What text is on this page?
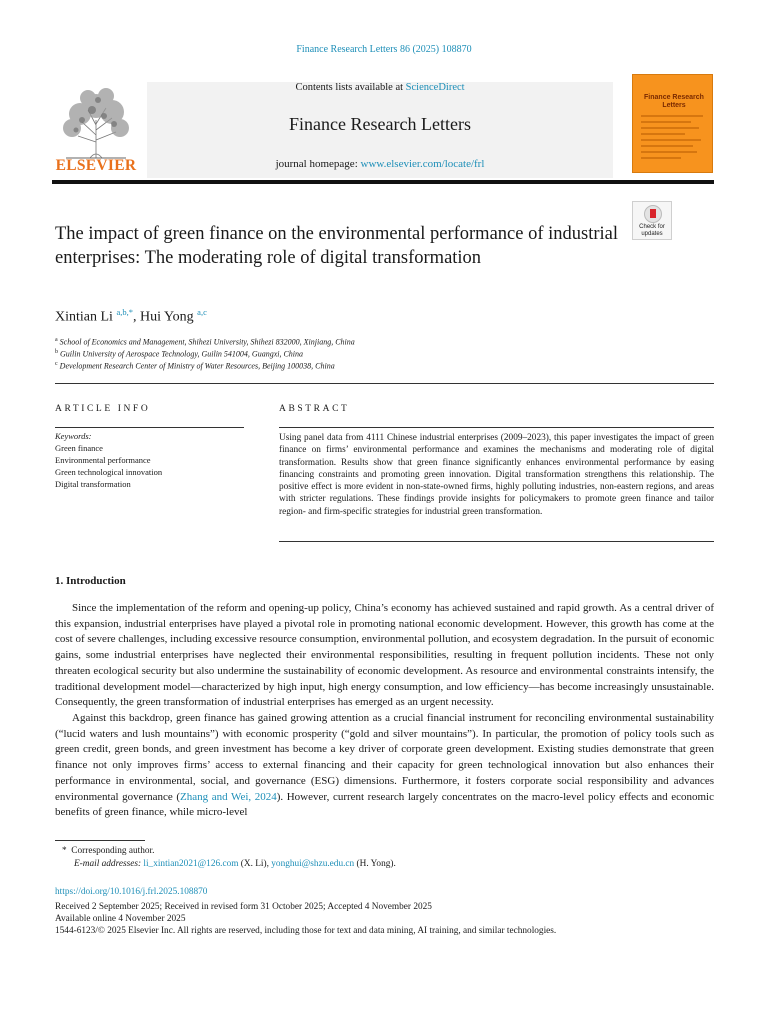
Finance Research Letters 86 (2025) 108870
ELSEVIER
Contents lists available at ScienceDirect
Finance Research Letters
journal homepage: www.elsevier.com/locate/frl
Finance Research Letters
The impact of green finance on the environmental performance of industrial enterprises: The moderating role of digital transformation
Check for updates
Xintian Li $^{a,b,*}$, Hui Yong $^{a,c}$
$^a$ School of Economics and Management, Shihezi University, Shihezi 832000, Xinjiang, China
$^b$ Guilin University of Aerospace Technology, Guilin 541004, Guangxi, China
$^c$ Development Research Center of Ministry of Water Resources, Beijing 100038, China
ARTICLE INFO
Keywords:
Green finance
Environmental performance
Green technological innovation
Digital transformation
ABSTRACT
Using panel data from 4111 Chinese industrial enterprises (2009–2023), this paper investigates the impact of green finance on firms’ environmental performance and examines the mechanisms and moderating role of digital transformation. Results show that green finance significantly enhances environmental performance by easing financing constraints and promoting green innovation. Digital transformation strengthens this relationship. The positive effect is more evident in non-state-owned firms, highly polluting industries, non-eastern regions, and areas with stricter regulations. These findings provide insights for policymakers to promote green finance and tailor region- and firm-specific strategies for industrial green transformation.
1. Introduction
Since the implementation of the reform and opening-up policy, China’s economy has achieved sustained and rapid growth. As a central driver of this expansion, industrial enterprises have played a pivotal role in promoting national economic development. However, this growth has come at the cost of severe challenges, including excessive resource consumption, environmental pollution, and ecosystem degradation. In the pursuit of economic gains, some industrial enterprises have neglected their environmental responsibilities, resulting in frequent pollution incidents. These not only threaten ecological security but also undermine the sustainability of economic development. As resource and environmental constraints intensify, the traditional development model—characterized by high input, high energy consumption, and low efficiency—has become increasingly unsustainable. Consequently, the green transformation of industrial enterprises has emerged as an urgent necessity.
Against this backdrop, green finance has gained growing attention as a crucial financial instrument for reconciling environmental sustainability (“lucid waters and lush mountains”) with economic prosperity (“gold and silver mountains”). In particular, the promotion of policy tools such as green credit, green bonds, and green investment has become a key driver of corporate green development. Existing studies demonstrate that green finance not only improves firms’ access to external financing and their capacity for green technological innovation but also enhances their performance in environmental, social, and governance (ESG) dimensions. Furthermore, it fosters corporate social responsibility and advances environmental governance (Zhang and Wei, 2024). However, current research largely concentrates on the macro-level policy effects and economic benefits of green finance, while micro-level
*  Corresponding author.
E-mail addresses: li_xintian2021@126.com (X. Li), yonghui@shzu.edu.cn (H. Yong).
https://doi.org/10.1016/j.frl.2025.108870
Received 2 September 2025; Received in revised form 31 October 2025; Accepted 4 November 2025
Available online 4 November 2025
1544-6123/© 2025 Elsevier Inc. All rights are reserved, including those for text and data mining, AI training, and similar technologies.
